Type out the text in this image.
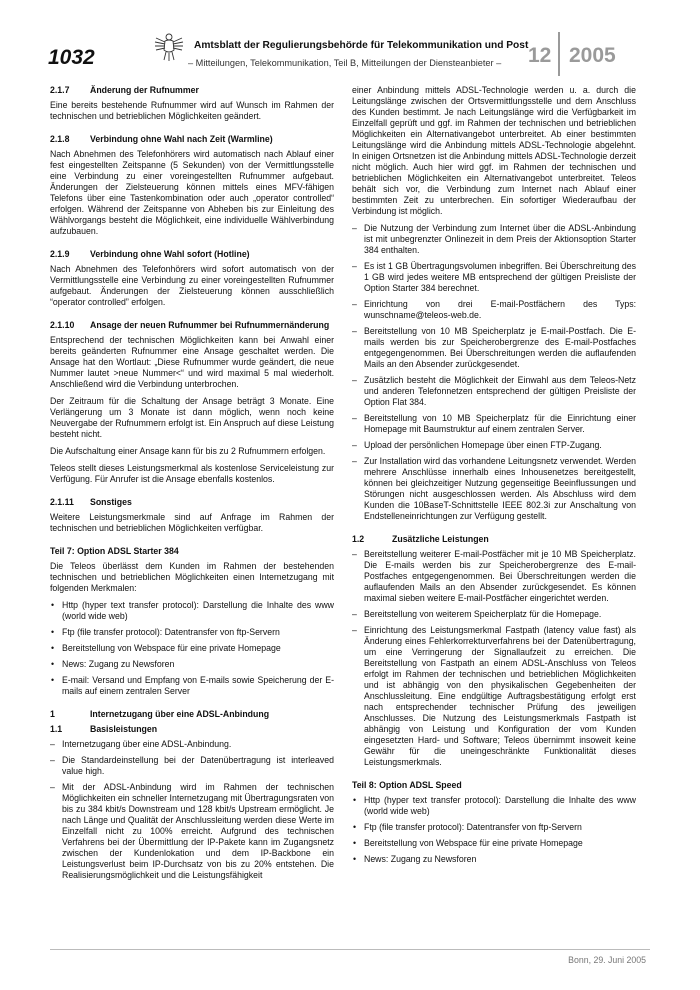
1032
Amtsblatt der Regulierungsbehörde für Telekommunikation und Post
– Mitteilungen, Telekommunikation, Teil B, Mitteilungen der Diensteanbieter – 12 2005
2.1.7	Änderung der Rufnummer

Eine bereits bestehende Rufnummer wird auf Wunsch im Rahmen der technischen und betrieblichen Möglichkeiten geändert.

2.1.8	Verbindung ohne Wahl nach Zeit (Warmline)

Nach Abnehmen des Telefonhörers wird automatisch nach Ablauf einer fest eingestellten Zeitspanne (5 Sekunden) von der Vermittlungsstelle eine Verbindung zu einer voreingestellten Rufnummer aufgebaut. Änderungen der Zielsteuerung können mittels eines MFV-fähigen Telefons über eine Tastenkombination oder auch „operator controlled“ erfolgen. Während der Zeitspanne von Abheben bis zur Einleitung des Wählvorgangs besteht die Möglichkeit, eine individuelle Wählverbindung aufzubauen.

2.1.9	Verbindung ohne Wahl sofort (Hotline)

Nach Abnehmen des Telefonhörers wird sofort automatisch von der Vermittlungsstelle eine Verbindung zu einer voreingestellten Rufnummer aufgebaut. Änderungen der Zielsteuerung können ausschließlich “operator controlled” erfolgen.

2.1.10	Ansage der neuen Rufnummer bei Rufnummernänderung

Entsprechend der technischen Möglichkeiten kann bei Anwahl einer bereits geänderten Rufnummer eine Ansage geschaltet werden. Die Ansage hat den Wortlaut: „Diese Rufnummer wurde geändert, die neue Nummer lautet >neue Nummer<“ und wird maximal 5 mal wiederholt. Anschließend wird die Verbindung unterbrochen.

Der Zeitraum für die Schaltung der Ansage beträgt 3 Monate. Eine Verlängerung um 3 Monate ist dann möglich, wenn noch keine Neuvergabe der Rufnummern erfolgt ist. Ein Anspruch auf diese Leistung besteht nicht.

Die Aufschaltung einer Ansage kann für bis zu 2 Rufnummern erfolgen.

Teleos stellt dieses Leistungsmerkmal als kostenlose Serviceleistung zur Verfügung. Für Anrufer ist die Ansage ebenfalls kostenlos.

2.1.11	Sonstiges

Weitere Leistungsmerkmale sind auf Anfrage im Rahmen der technischen und betrieblichen Möglichkeiten verfügbar.

Teil 7: Option ADSL Starter 384

Die Teleos überlässt dem Kunden im Rahmen der bestehenden technischen und betrieblichen Möglichkeiten einen Internetzugang mit folgenden Merkmalen:

• Http (hyper text transfer protocol): Darstellung die Inhalte des www (world wide web)
• Ftp (file transfer protocol): Datentransfer von ftp-Servern
• Bereitstellung von Webspace für eine private Homepage
• News: Zugang zu Newsforen
• E-mail: Versand und Empfang von E-mails sowie Speicherung der E-mails auf einem zentralen Server
1	Internetzugang über eine ADSL-Anbindung
1.1	Basisleistungen
– Internetzugang über eine ADSL-Anbindung.
– Die Standardeinstellung bei der Datenübertragung ist interleaved value high.
– Mit der ADSL-Anbindung wird im Rahmen der technischen Möglichkeiten ein schneller Internetzugang mit Übertragungsraten von bis zu 384 kbit/s Downstream und 128 kbit/s Upstream ermöglicht. Je nach Länge und Qualität der Anschlussleitung werden diese Werte im Einzelfall nicht zu 100% erreicht. Aufgrund des technischen Verfahrens bei der Übermittlung der IP-Pakete kann im Zugangsnetz zwischen der Kundenlokation und dem IP-Backbone ein Leistungsverlust beim IP-Durchsatz von bis zu 20% entstehen. Die Realisierungsmöglichkeit und die Leistungsfähigkeit

einer Anbindung mittels ADSL-Technologie werden u. a. durch die Leitungslänge zwischen der Ortsvermittlungsstelle und dem Anschluss des Kunden bestimmt. Je nach Leitungslänge wird die Verfügbarkeit im Einzelfall geprüft und ggf. im Rahmen der technischen und betrieblichen Möglichkeiten ein Alternativangebot unterbreitet. Ab einer bestimmten Leitungslänge wird die Anbindung mittels ADSL-Technologie abgelehnt. In einigen Ortsnetzen ist die Anbindung mittels ADSL-Technologie derzeit nicht möglich. Auch hier wird ggf. im Rahmen der technischen und betrieblichen Möglichkeiten ein Alternativangebot unterbreitet. Teleos behält sich vor, die Verbindung zum Internet nach Ablauf einer bestimmten Zeit zu unterbrechen. Ein sofortiger Wiederaufbau der Verbindung ist möglich.

– Die Nutzung der Verbindung zum Internet über die ADSL-Anbindung ist mit unbegrenzter Onlinezeit in dem Preis der Aktionsoption Starter 384 enthalten.
– Es ist 1 GB Übertragungsvolumen inbegriffen. Bei Überschreitung des 1 GB wird jedes weitere MB entsprechend der gültigen Preisliste der Option Starter 384 berechnet.
– Einrichtung von drei E-mail-Postfächern des Typs: wunschname@teleos-web.de.
– Bereitstellung von 10 MB Speicherplatz je E-mail-Postfach. Die E-mails werden bis zur Speicherobergrenze des E-mail-Postfaches entgegengenommen. Bei Überschreitungen werden die auflaufenden Mails an den Absender zurückgesendet.
– Zusätzlich besteht die Möglichkeit der Einwahl aus dem Teleos-Netz und anderen Telefonnetzen entsprechend der gültigen Preisliste der Option Flat 384.
– Bereitstellung von 10 MB Speicherplatz für die Einrichtung einer Homepage mit Baumstruktur auf einem zentralen Server.
– Upload der persönlichen Homepage über einen FTP-Zugang.
– Zur Installation wird das vorhandene Leitungsnetz verwendet. Werden mehrere Anschlüsse innerhalb eines Inhousenetzes bereitgestellt, können bei gleichzeitiger Nutzung gegenseitige Beeinflussungen und Störungen nicht ausgeschlossen werden. Als Abschluss wird dem Kunden die 10BaseT-Schnittstelle IEEE 802.3i zur Anschaltung von Endstelleneinrichtungen zur Verfügung gestellt.
1.2	Zusätzliche Leistungen
– Bereitstellung weiterer E-mail-Postfächer mit je 10 MB Speicherplatz. Die E-mails werden bis zur Speicherobergrenze des E-mail-Postfaches entgegengenommen. Bei Überschreitungen werden die auflaufenden Mails an den Absender zurückgesendet. Es können maximal sieben weitere E-mail-Postfächer eingerichtet werden.
– Bereitstellung von weiterem Speicherplatz für die Homepage.
– Einrichtung des Leistungsmerkmal Fastpath (latency value fast) als Änderung eines Fehlerkorrekturverfahrens bei der Datenübertragung, um eine Verringerung der Signallaufzeit zu erreichen. Die Bereitstellung von Fastpath an einem ADSL-Anschluss von Teleos erfolgt im Rahmen der technischen und betrieblichen Möglichkeiten und ist abhängig von den physikalischen Gegebenheiten der Anschlussleitung. Eine endgültige Auftragsbestätigung erfolgt erst nach entsprechender technischer Prüfung des jeweiligen Anschlusses. Die Nutzung des Leistungsmerkmals Fastpath ist abhängig von Leistung und Konfiguration der vom Kunden eingesetzten Hard- und Software; Teleos übernimmt insoweit keine Gewähr für die uneingeschränkte Funktionalität dieses Leistungsmerkmals.
Teil 8: Option ADSL Speed
• Http (hyper text transfer protocol): Darstellung die Inhalte des www (world wide web)
• Ftp (file transfer protocol): Datentransfer von ftp-Servern
• Bereitstellung von Webspace für eine private Homepage
• News: Zugang zu Newsforen
Bonn, 29. Juni 2005
